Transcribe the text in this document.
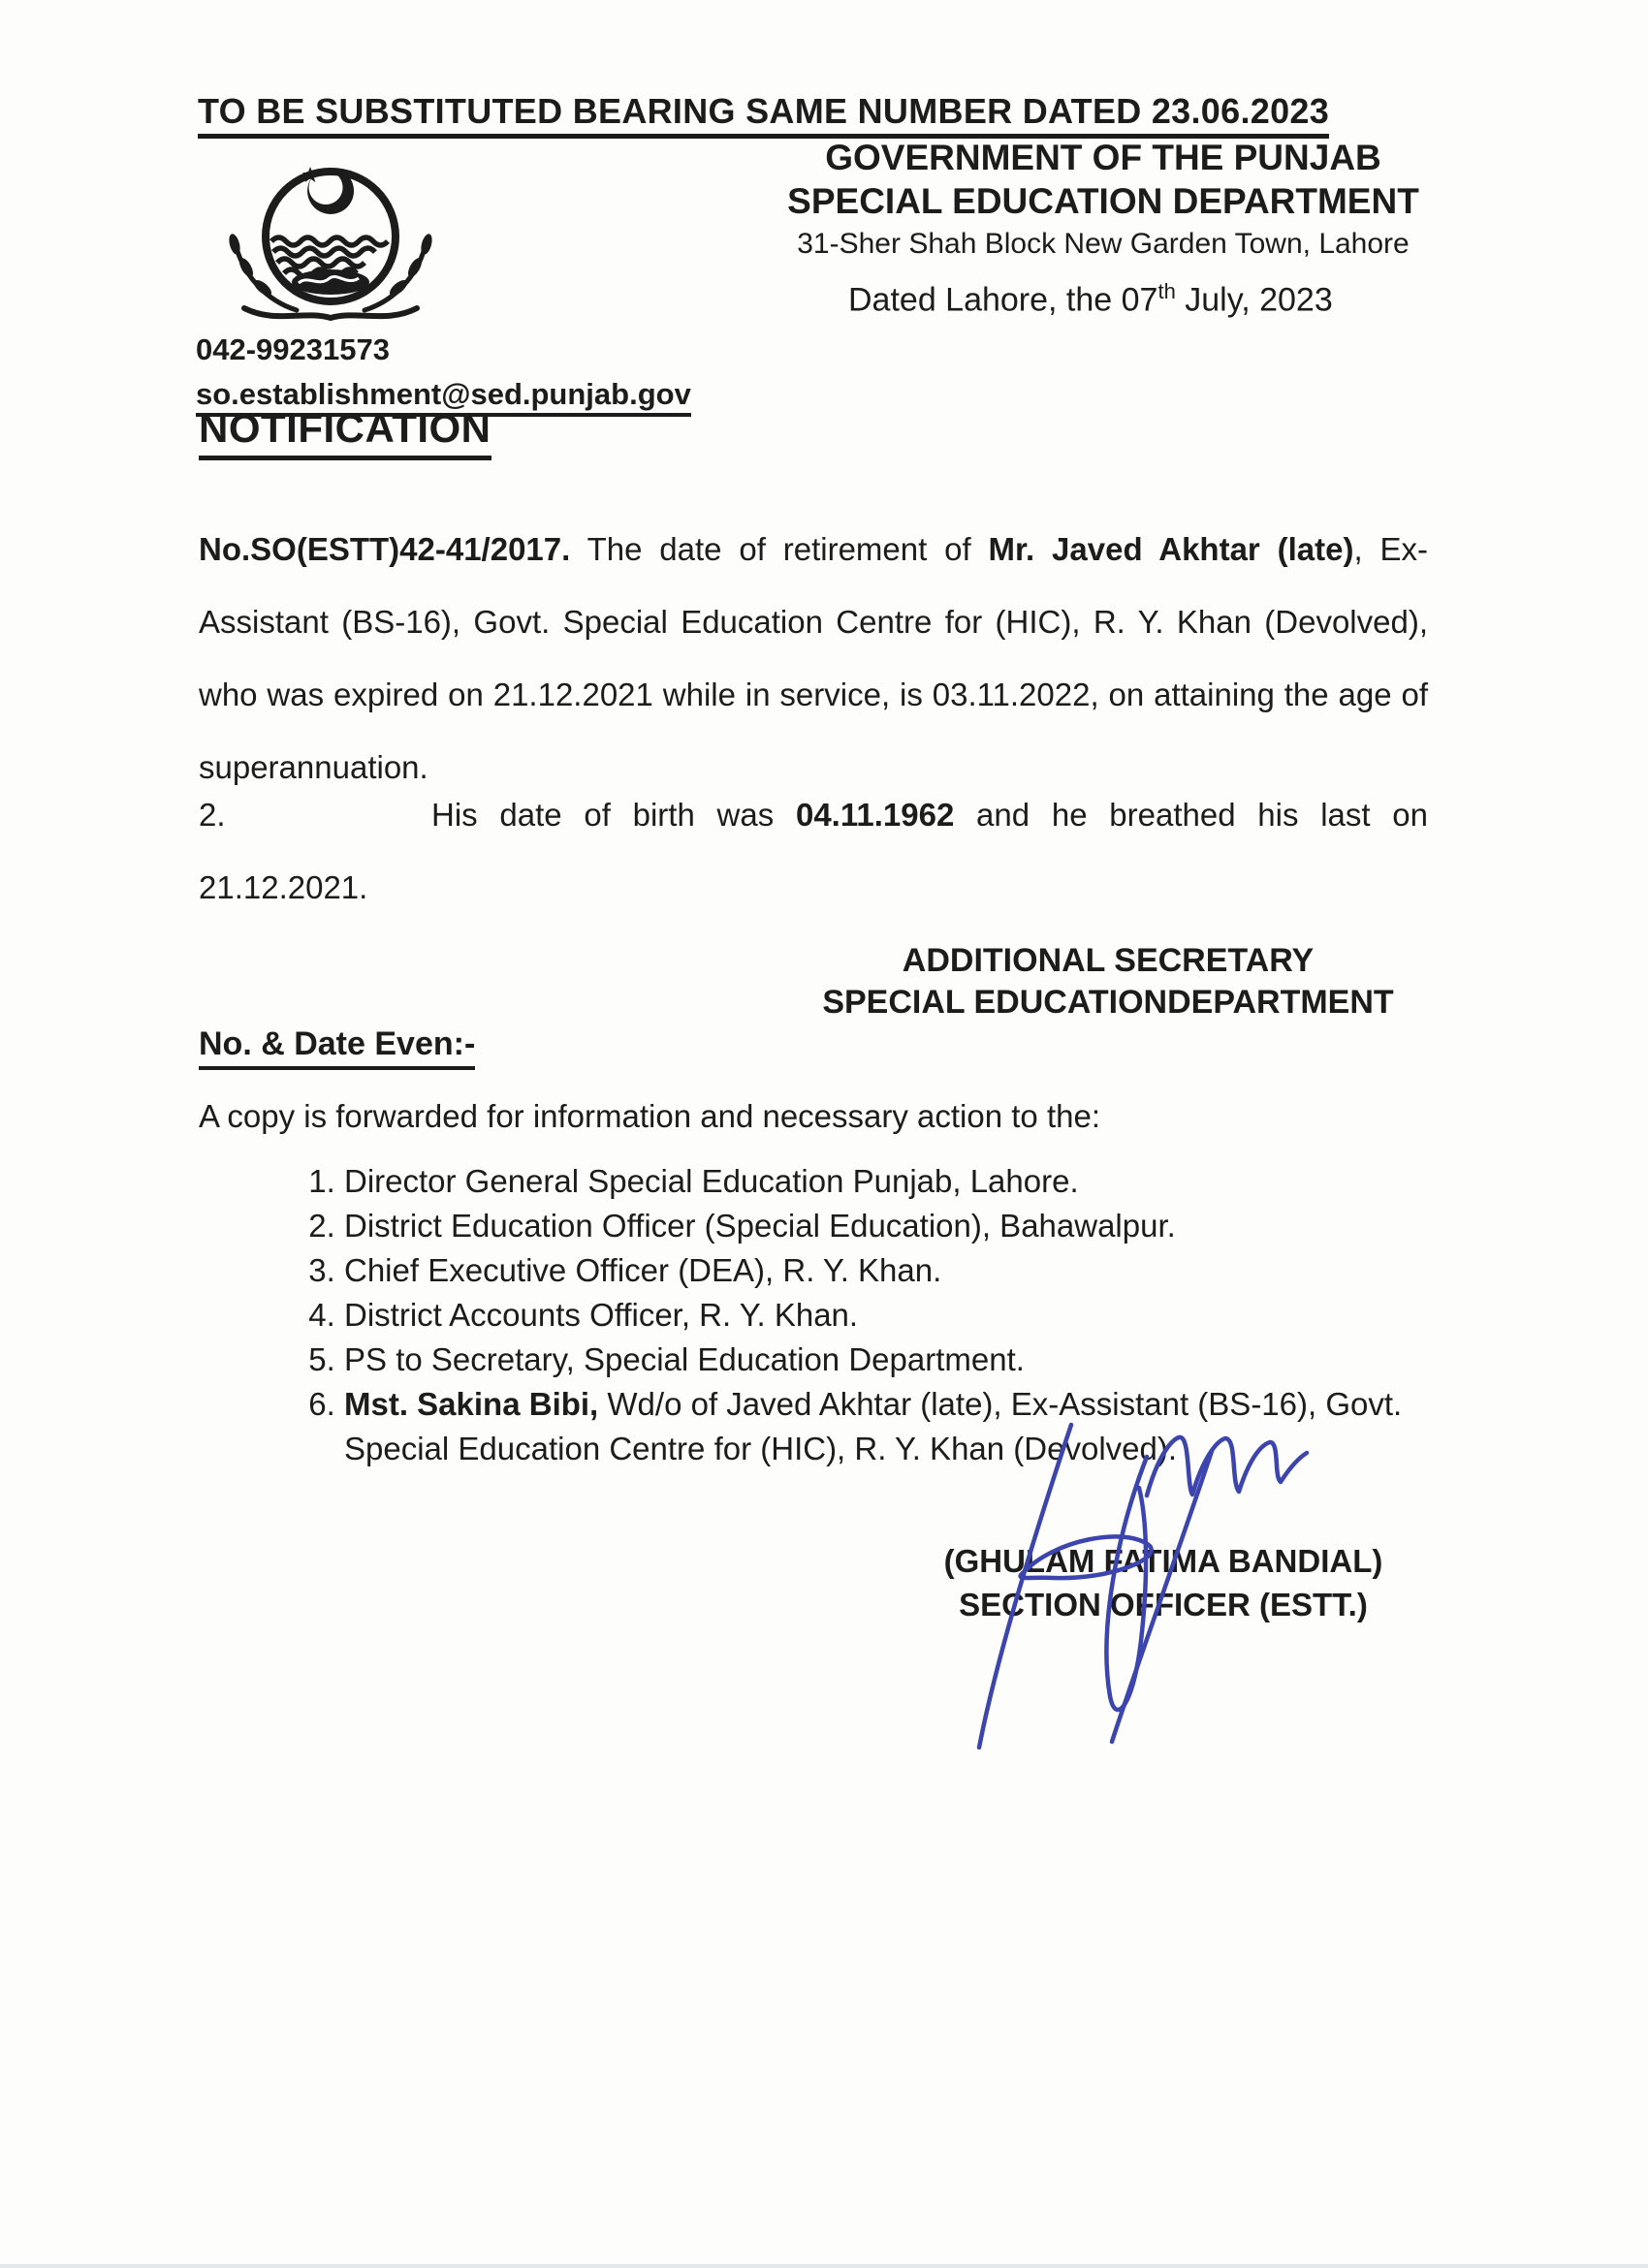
TO BE SUBSTITUTED BEARING SAME NUMBER DATED 23.06.2023
GOVERNMENT OF THE PUNJAB
SPECIAL EDUCATION DEPARTMENT
31-Sher Shah Block New Garden Town, Lahore
Dated Lahore, the 07th July, 2023
042-99231573
so.establishment@sed.punjab.gov
NOTIFICATION

No.SO(ESTT)42-41/2017. The date of retirement of Mr. Javed Akhtar (late), Ex-Assistant (BS-16), Govt. Special Education Centre for (HIC), R. Y. Khan (Devolved), who was expired on 21.12.2021 while in service, is 03.11.2022, on attaining the age of superannuation.

2.	His date of birth was 04.11.1962 and he breathed his last on 21.12.2021.

ADDITIONAL SECRETARY
SPECIAL EDUCATIONDEPARTMENT
No. & Date Even:-
A copy is forwarded for information and necessary action to the:
1. Director General Special Education Punjab, Lahore.
2. District Education Officer (Special Education), Bahawalpur.
3. Chief Executive Officer (DEA), R. Y. Khan.
4. District Accounts Officer, R. Y. Khan.
5. PS to Secretary, Special Education Department.
6. Mst. Sakina Bibi, Wd/o of Javed Akhtar (late), Ex-Assistant (BS-16), Govt. Special Education Centre for (HIC), R. Y. Khan (Devolved).
(GHULAM FATIMA BANDIAL)
SECTION OFFICER (ESTT.)
